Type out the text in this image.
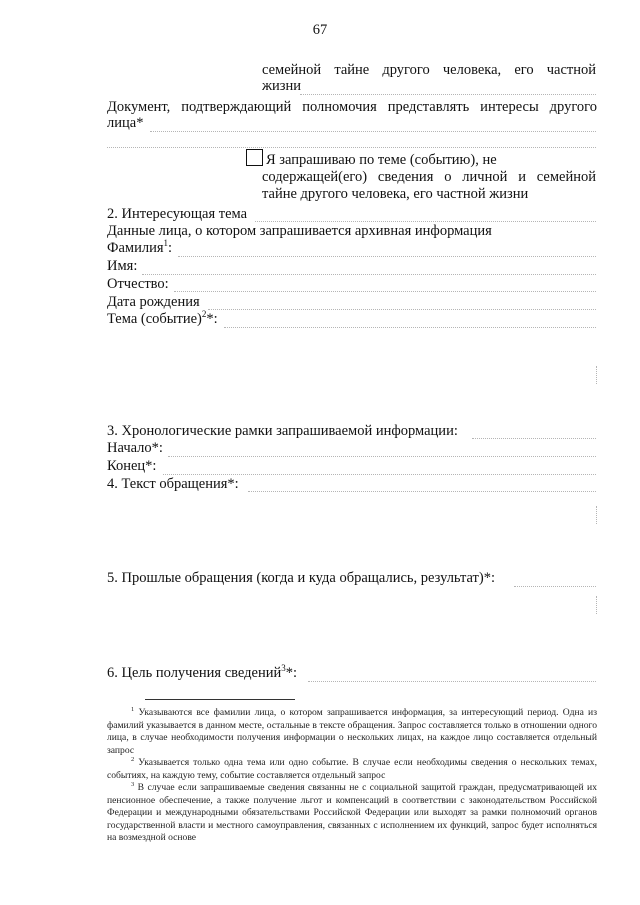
67
семейной тайне другого человека, его частной
жизни
Документ, подтверждающий полномочия представлять интересы другого
лица*
Я запрашиваю по теме (событию), не
содержащей(его) сведения о личной и семейной
тайне другого человека, его частной жизни
2. Интересующая тема
Данные лица, о котором запрашивается архивная информация
Фамилия$^1$:
Имя:
Отчество:
Дата рождения
Тема (событие)$^2$*:
3. Хронологические рамки запрашиваемой информации:
Начало*:
Конец*:
4. Текст обращения*:
5. Прошлые обращения (когда и куда обращались, результат)*:
6. Цель получения сведений$^3$*:
$^1$ Указываются все фамилии лица, о котором запрашивается информация, за интересующий период. Одна из фамилий указывается в данном месте, остальные в тексте обращения. Запрос составляется только в отношении одного лица, в случае необходимости получения информации о нескольких лицах, на каждое лицо составляется отдельный запрос
$^2$ Указывается только одна тема или одно событие. В случае если необходимы сведения о нескольких темах, событиях, на каждую тему, событие составляется отдельный запрос
$^3$ В случае если запрашиваемые сведения связанны не с социальной защитой граждан, предусматривающей их пенсионное обеспечение, а также получение льгот и компенсаций в соответствии с законодательством Российской Федерации и международными обязательствами Российской Федерации или выходят за рамки полномочий органов государственной власти и местного самоуправления, связанных с исполнением их функций, запрос будет исполняться на возмездной основе
